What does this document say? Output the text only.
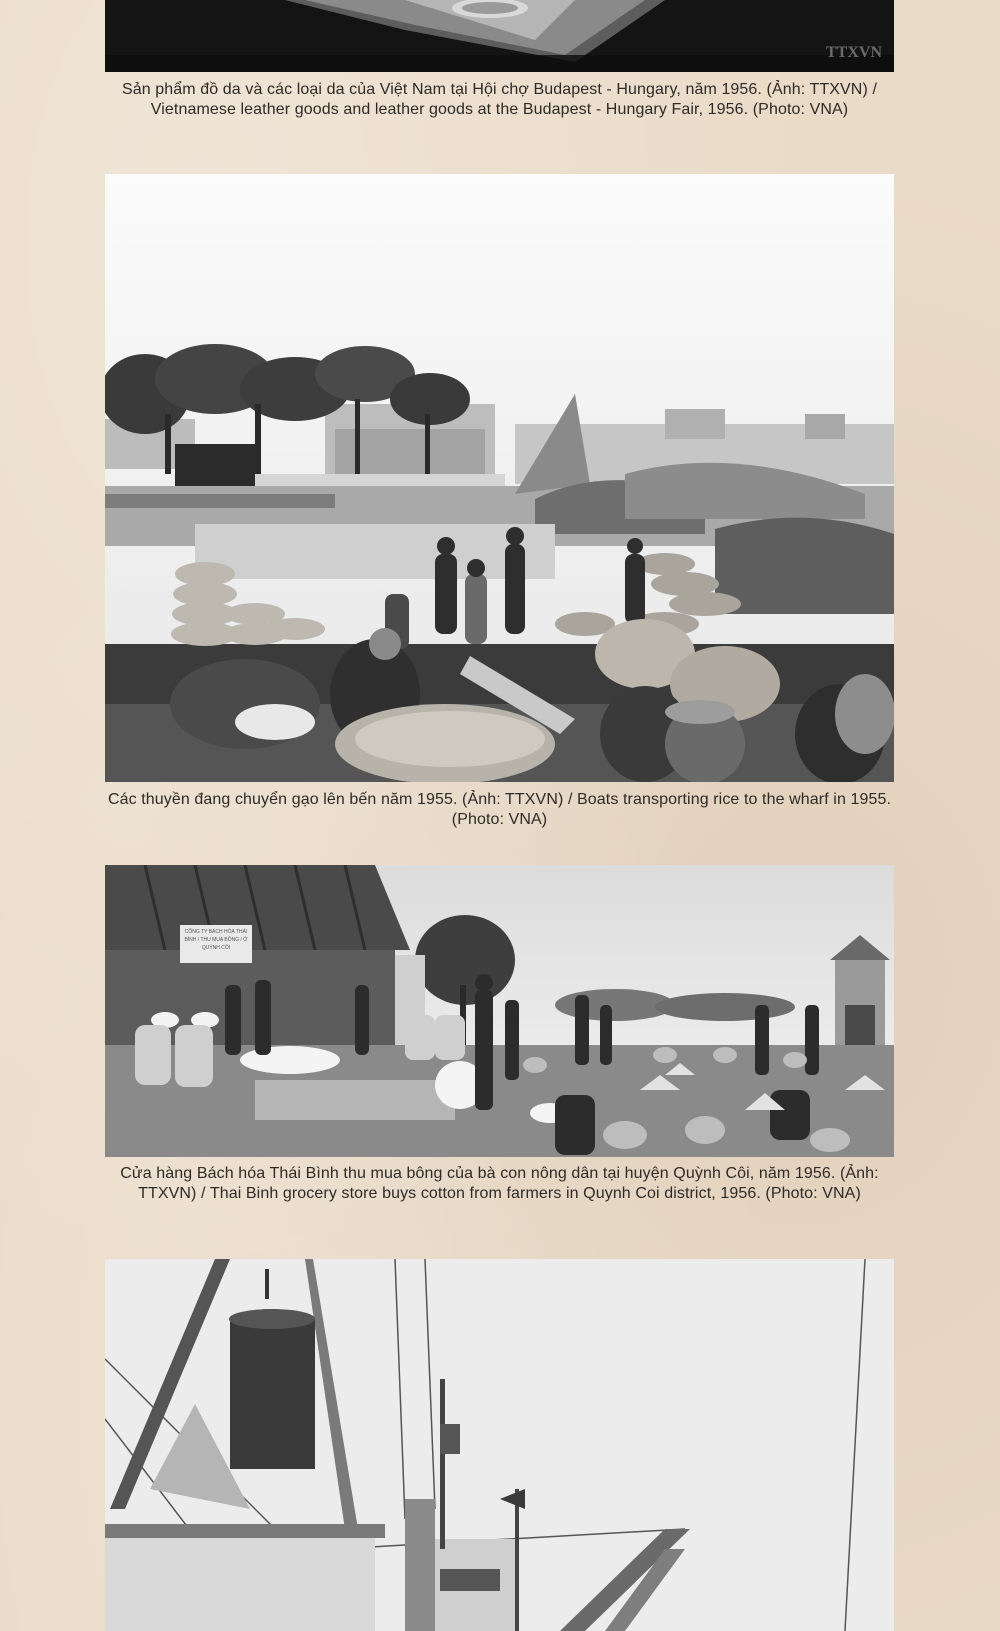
TTXVN
Sản phẩm đồ da và các loại da của Việt Nam tại Hội chợ Budapest - Hungary, năm 1956. (Ảnh: TTXVN) / Vietnamese leather goods and leather goods at the Budapest - Hungary Fair, 1956. (Photo: VNA)
Các thuyền đang chuyển gạo lên bến năm 1955. (Ảnh: TTXVN) / Boats transporting rice to the wharf in 1955. (Photo: VNA)
CÔNG TY BÁCH HÓA THÁI BÌNH / THU MUA BÔNG / Ở QUỲNH CÔI
Cửa hàng Bách hóa Thái Bình thu mua bông của bà con nông dân tại huyện Quỳnh Côi, năm 1956. (Ảnh: TTXVN) / Thai Binh grocery store buys cotton from farmers in Quynh Coi district, 1956. (Photo: VNA)
